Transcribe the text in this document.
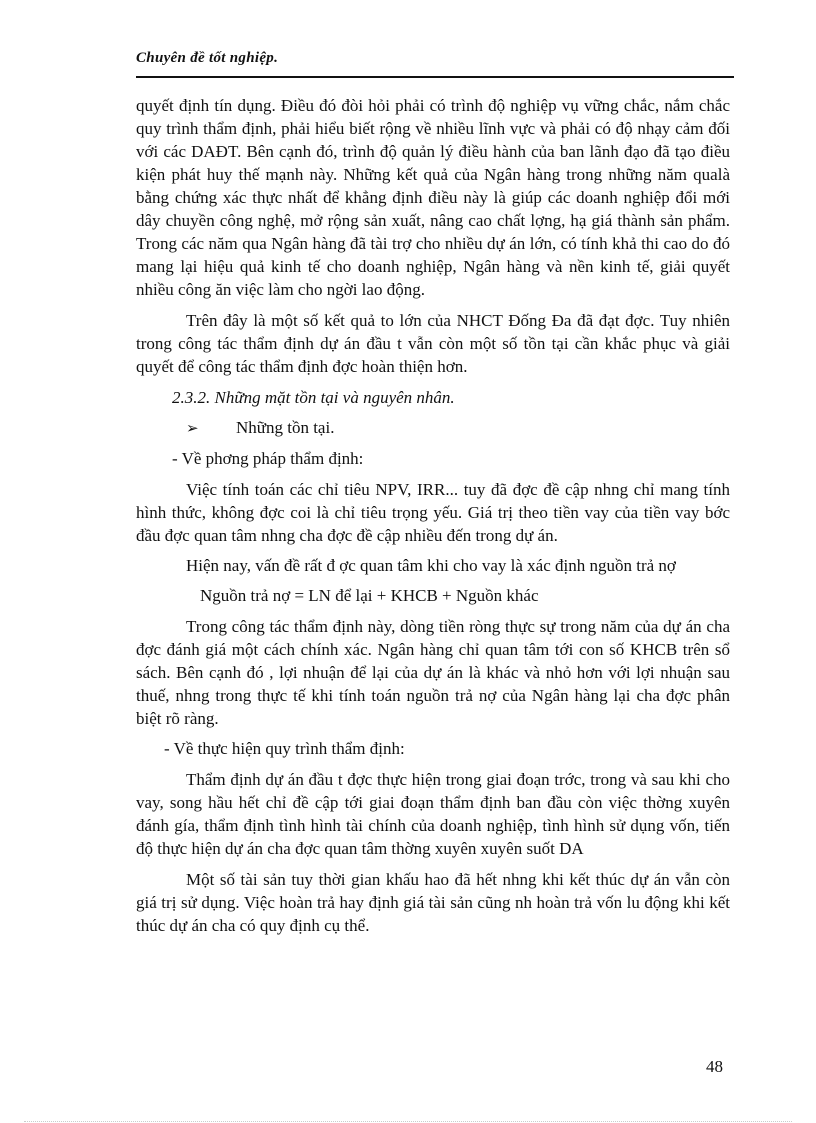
Chuyên đề tốt nghiệp.

quyết định tín dụng. Điều đó đòi hỏi phải có trình độ nghiệp vụ vững chắc, nắm chắc quy trình thẩm định, phải hiểu biết rộng về nhiều lĩnh vực và phải có độ nhạy cảm đối với các DAĐT. Bên cạnh đó, trình độ quản lý điều hành của ban lãnh đạo đã tạo điều kiện phát huy thế mạnh này. Những kết quả của Ngân hàng trong những năm qualà bằng chứng xác thực nhất để khẳng định điều này là giúp các doanh nghiệp đổi mới dây chuyền công nghệ, mở rộng sản xuất, nâng cao chất lợng, hạ giá thành sản phẩm. Trong các năm qua Ngân hàng đã tài trợ cho nhiều dự án lớn, có tính khả thi cao do đó mang lại hiệu quả kinh tế cho doanh nghiệp, Ngân hàng và nền kinh tế, giải quyết nhiều công ăn việc làm cho ngời lao động.

Trên đây là một số kết quả to lớn của NHCT Đống Đa đã đạt đợc. Tuy nhiên trong công tác thẩm định dự án đầu t vẫn còn một số tồn tại cần khắc phục và giải quyết để công tác thẩm định đợc hoàn thiện hơn.

2.3.2. Những mặt tồn tại và nguyên nhân.

➢	Những tồn tại.

- Về phơng pháp thẩm định:

Việc tính toán các chỉ tiêu NPV, IRR... tuy đã đợc đề cập nhng chỉ mang tính hình thức, không đợc coi là chỉ tiêu trọng yếu. Giá trị theo tiền vay của tiền vay bớc đầu đợc quan tâm nhng cha đợc đề cập nhiều đến trong dự án.

Hiện nay, vấn đề rất đ ợc quan tâm khi cho vay là xác định nguồn trả nợ

Nguồn trả nợ = LN để lại + KHCB + Nguồn khác

Trong công tác thẩm định này, dòng tiền ròng thực sự trong năm của dự án cha đợc đánh giá một cách chính xác. Ngân hàng chỉ quan tâm tới con số KHCB trên sổ sách. Bên cạnh đó , lợi nhuận để lại của dự án là khác và nhỏ hơn với lợi nhuận sau thuế, nhng trong thực tế khi tính toán nguồn trả nợ của Ngân hàng lại cha đợc phân biệt rõ ràng.

- Về thực hiện quy trình thẩm định:

Thẩm định dự án đầu t đợc thực hiện trong giai đoạn trớc, trong và sau khi cho vay, song hầu hết chỉ đề cập tới giai đoạn thẩm định ban đầu còn việc thờng xuyên đánh gía, thẩm định tình hình tài chính của doanh nghiệp, tình hình sử dụng vốn, tiến độ thực hiện dự án cha đợc quan tâm thờng xuyên xuyên suốt DA

Một số tài sản tuy thời gian khấu hao đã hết nhng khi kết thúc dự án vẫn còn giá trị sử dụng. Việc hoàn trả hay định giá tài sản cũng nh hoàn trả vốn lu động khi kết thúc dự án cha có quy định cụ thể.

48
